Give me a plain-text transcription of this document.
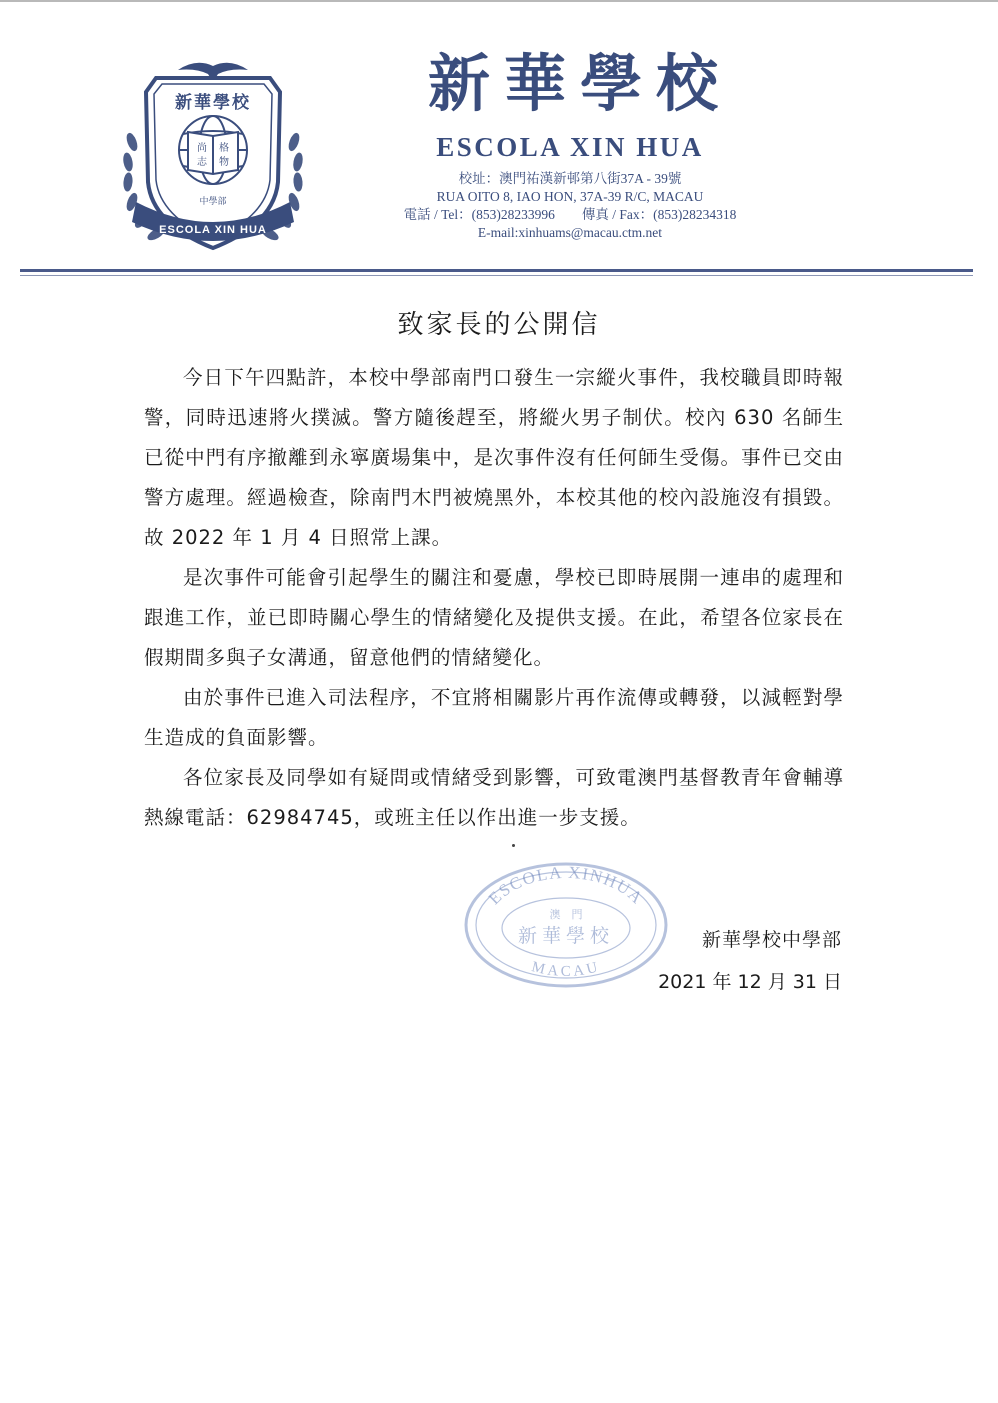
新華學校
尚
志
格
物
中學部
ESCOLA XIN HUA
新華學校
ESCOLA XIN HUA
校址：澳門祐漢新邨第八街37A - 39號
RUA OITO 8, IAO HON, 37A-39 R/C, MACAU
電話 / Tel：(853)28233996　　傳真 / Fax：(853)28234318
E-mail:xinhuams@macau.ctm.net
致家長的公開信

今日下午四點許，本校中學部南門口發生一宗縱火事件，我校職員即時報警，同時迅速將火撲滅。警方隨後趕至，將縱火男子制伏。校內 630 名師生已從中門有序撤離到永寧廣場集中，是次事件沒有任何師生受傷。事件已交由警方處理。經過檢查，除南門木門被燒黑外，本校其他的校內設施沒有損毀。故 2022 年 1 月 4 日照常上課。

是次事件可能會引起學生的關注和憂慮，學校已即時展開一連串的處理和跟進工作，並已即時關心學生的情緒變化及提供支援。在此，希望各位家長在假期間多與子女溝通，留意他們的情緒變化。

由於事件已進入司法程序，不宜將相關影片再作流傳或轉發，以減輕對學生造成的負面影響。

各位家長及同學如有疑問或情緒受到影響，可致電澳門基督教青年會輔導熱線電話：62984745，或班主任以作出進一步支援。

ESCOLA XINHUA
MACAU
澳　門
新華學校	新華學校中學部
2021 年 12 月 31 日
